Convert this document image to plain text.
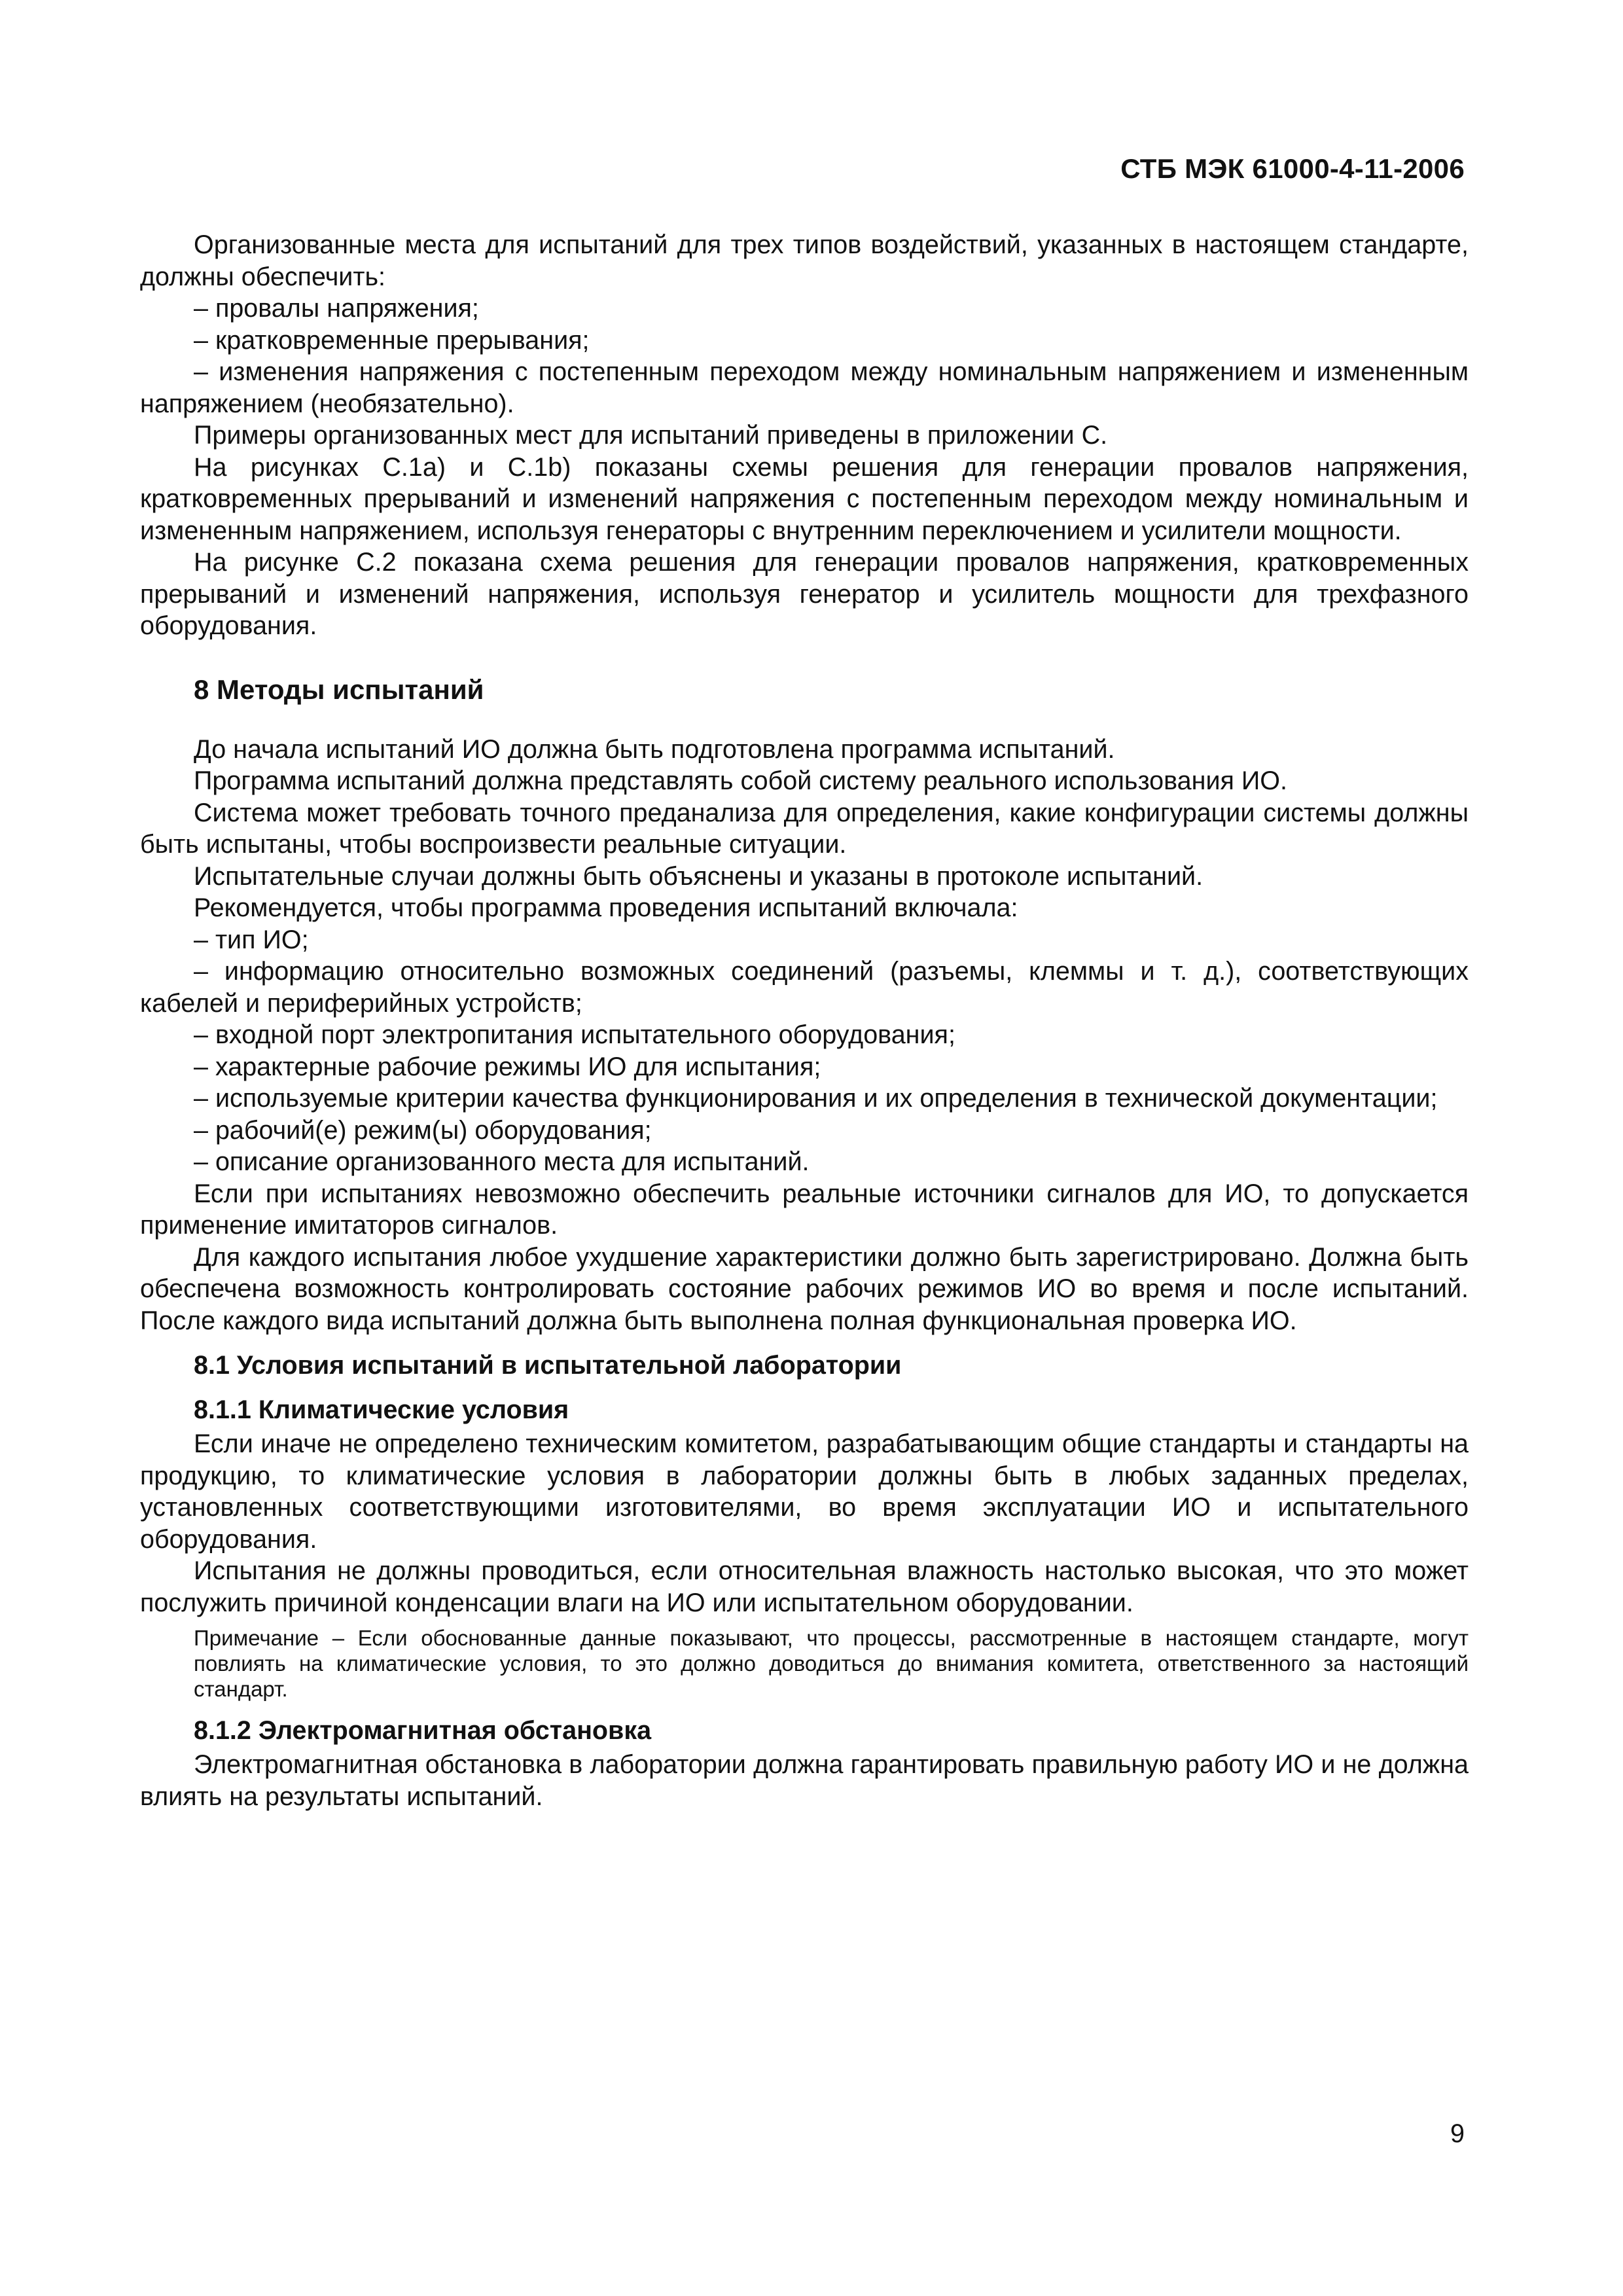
СТБ МЭК 61000-4-11-2006

Организованные места для испытаний для трех типов воздействий, указанных в настоящем стандарте, должны обеспечить:

– провалы напряжения;

– кратковременные прерывания;

– изменения напряжения с постепенным переходом между номинальным напряжением и измененным напряжением (необязательно).

Примеры организованных мест для испытаний приведены в приложении С.

На рисунках С.1а) и С.1b) показаны схемы решения для генерации провалов напряжения, кратковременных прерываний и изменений напряжения с постепенным переходом между номинальным и измененным напряжением, используя генераторы с внутренним переключением и усилители мощности.

На рисунке С.2 показана схема решения для генерации провалов напряжения, кратковременных прерываний и изменений напряжения, используя генератор и усилитель мощности для трехфазного оборудования.

8 Методы испытаний

До начала испытаний ИО должна быть подготовлена программа испытаний.

Программа испытаний должна представлять собой систему реального использования ИО.

Система может требовать точного преданализа для определения, какие конфигурации системы должны быть испытаны, чтобы воспроизвести реальные ситуации.

Испытательные случаи должны быть объяснены и указаны в протоколе испытаний.

Рекомендуется, чтобы программа проведения испытаний включала:

– тип ИО;

– информацию относительно возможных соединений (разъемы, клеммы и т. д.), соответствующих кабелей и периферийных устройств;

– входной порт электропитания испытательного оборудования;

– характерные рабочие режимы ИО для испытания;

– используемые критерии качества функционирования и их определения в технической документации;

– рабочий(е) режим(ы) оборудования;

– описание организованного места для испытаний.

Если при испытаниях невозможно обеспечить реальные источники сигналов для ИО, то допускается применение имитаторов сигналов.

Для каждого испытания любое ухудшение характеристики должно быть зарегистрировано. Должна быть обеспечена возможность контролировать состояние рабочих режимов ИО во время и после испытаний. После каждого вида испытаний должна быть выполнена полная функциональная проверка ИО.

8.1 Условия испытаний в испытательной лаборатории
8.1.1 Климатические условия

Если иначе не определено техническим комитетом, разрабатывающим общие стандарты и стандарты на продукцию, то климатические условия в лаборатории должны быть в любых заданных пределах, установленных соответствующими изготовителями, во время эксплуатации ИО и испытательного оборудования.

Испытания не должны проводиться, если относительная влажность настолько высокая, что это может послужить причиной конденсации влаги на ИО или испытательном оборудовании.

Примечание – Если обоснованные данные показывают, что процессы, рассмотренные в настоящем стандарте, могут повлиять на климатические условия, то это должно доводиться до внимания комитета, ответственного за настоящий стандарт.

8.1.2 Электромагнитная обстановка

Электромагнитная обстановка в лаборатории должна гарантировать правильную работу ИО и не должна влиять на результаты испытаний.

9
